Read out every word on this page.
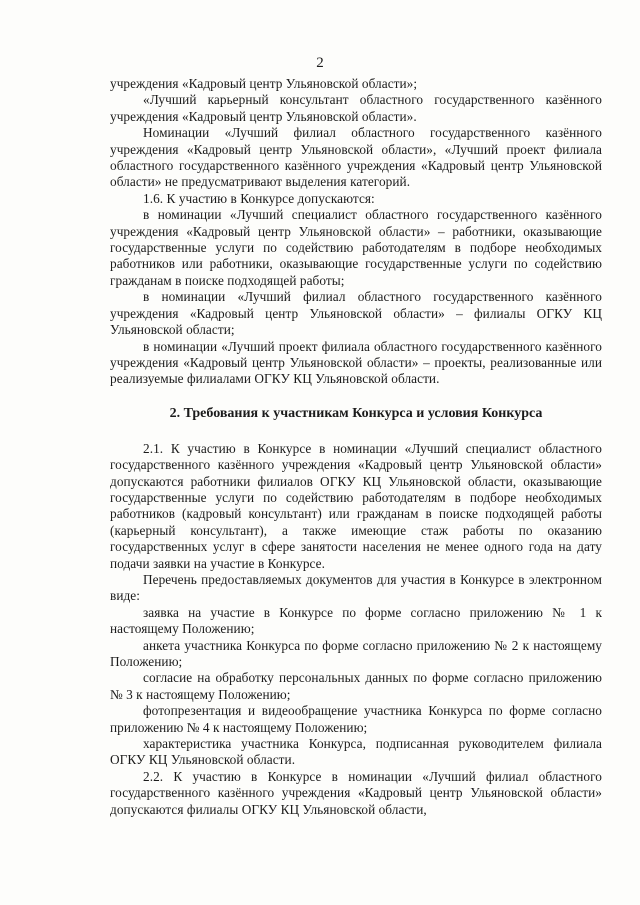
2

учреждения «Кадровый центр Ульяновской области»;

«Лучший карьерный консультант областного государственного казённого учреждения «Кадровый центр Ульяновской области».

Номинации «Лучший филиал областного государственного казённого учреждения «Кадровый центр Ульяновской области», «Лучший проект филиала областного государственного казённого учреждения «Кадровый центр Ульяновской области» не предусматривают выделения категорий.

1.6. К участию в Конкурсе допускаются:

в номинации «Лучший специалист областного государственного казённого учреждения «Кадровый центр Ульяновской области» – работники, оказывающие государственные услуги по содействию работодателям в подборе необходимых работников или работники, оказывающие государственные услуги по содействию гражданам в поиске подходящей работы;

в номинации «Лучший филиал областного государственного казённого учреждения «Кадровый центр Ульяновской области» – филиалы ОГКУ КЦ Ульяновской области;

в номинации «Лучший проект филиала областного государственного казённого учреждения «Кадровый центр Ульяновской области» – проекты, реализованные или реализуемые филиалами ОГКУ КЦ Ульяновской области.

2. Требования к участникам Конкурса и условия Конкурса

2.1. К участию в Конкурсе в номинации «Лучший специалист областного государственного казённого учреждения «Кадровый центр Ульяновской области» допускаются работники филиалов ОГКУ КЦ Ульяновской области, оказывающие государственные услуги по содействию работодателям в подборе необходимых работников (кадровый консультант) или гражданам в поиске подходящей работы (карьерный консультант), а также имеющие стаж работы по оказанию государственных услуг в сфере занятости населения не менее одного года на дату подачи заявки на участие в Конкурсе.

Перечень предоставляемых документов для участия в Конкурсе в электронном виде:

заявка на участие в Конкурсе по форме согласно приложению № 1 к настоящему Положению;

анкета участника Конкурса по форме согласно приложению № 2 к настоящему Положению;

согласие на обработку персональных данных по форме согласно приложению № 3 к настоящему Положению;

фотопрезентация и видеообращение участника Конкурса по форме согласно приложению № 4 к настоящему Положению;

характеристика участника Конкурса, подписанная руководителем филиала ОГКУ КЦ Ульяновской области.

2.2. К участию в Конкурсе в номинации «Лучший филиал областного государственного казённого учреждения «Кадровый центр Ульяновской области» допускаются филиалы ОГКУ КЦ Ульяновской области,
